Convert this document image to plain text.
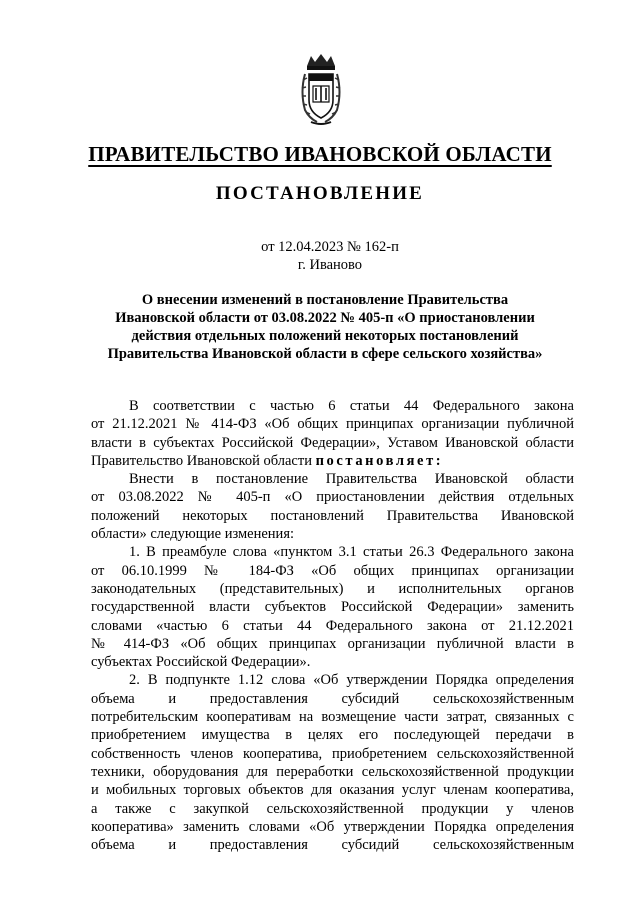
ПРАВИТЕЛЬСТВО ИВАНОВСКОЙ ОБЛАСТИ
ПОСТАНОВЛЕНИЕ
от 12.04.2023 № 162-п
г. Иваново
О внесении изменений в постановление Правительства
Ивановской области от 03.08.2022 № 405-п «О приостановлении
действия отдельных положений некоторых постановлений
Правительства Ивановской области в сфере сельского хозяйства»
В соответствии с частью 6 статьи 44 Федерального закона
от 21.12.2021 № 414-ФЗ «Об общих принципах организации публичной
власти в субъектах Российской Федерации», Уставом Ивановской области
Правительство Ивановской области постановляет:
Внести в постановление Правительства Ивановской области
от 03.08.2022 № 405-п «О приостановлении действия отдельных
положений некоторых постановлений Правительства Ивановской
области» следующие изменения:
1. В преамбуле слова «пунктом 3.1 статьи 26.3 Федерального закона
от 06.10.1999 № 184-ФЗ «Об общих принципах организации
законодательных (представительных) и исполнительных органов
государственной власти субъектов Российской Федерации» заменить
словами «частью 6 статьи 44 Федерального закона от 21.12.2021
№ 414-ФЗ «Об общих принципах организации публичной власти в
субъектах Российской Федерации».
2. В подпункте 1.12 слова «Об утверждении Порядка определения
объема и предоставления субсидий сельскохозяйственным
потребительским кооперативам на возмещение части затрат, связанных с
приобретением имущества в целях его последующей передачи в
собственность членов кооператива, приобретением сельскохозяйственной
техники, оборудования для переработки сельскохозяйственной продукции
и мобильных торговых объектов для оказания услуг членам кооператива,
а также с закупкой сельскохозяйственной продукции у членов
кооператива» заменить словами «Об утверждении Порядка определения
объема и предоставления субсидий сельскохозяйственным
